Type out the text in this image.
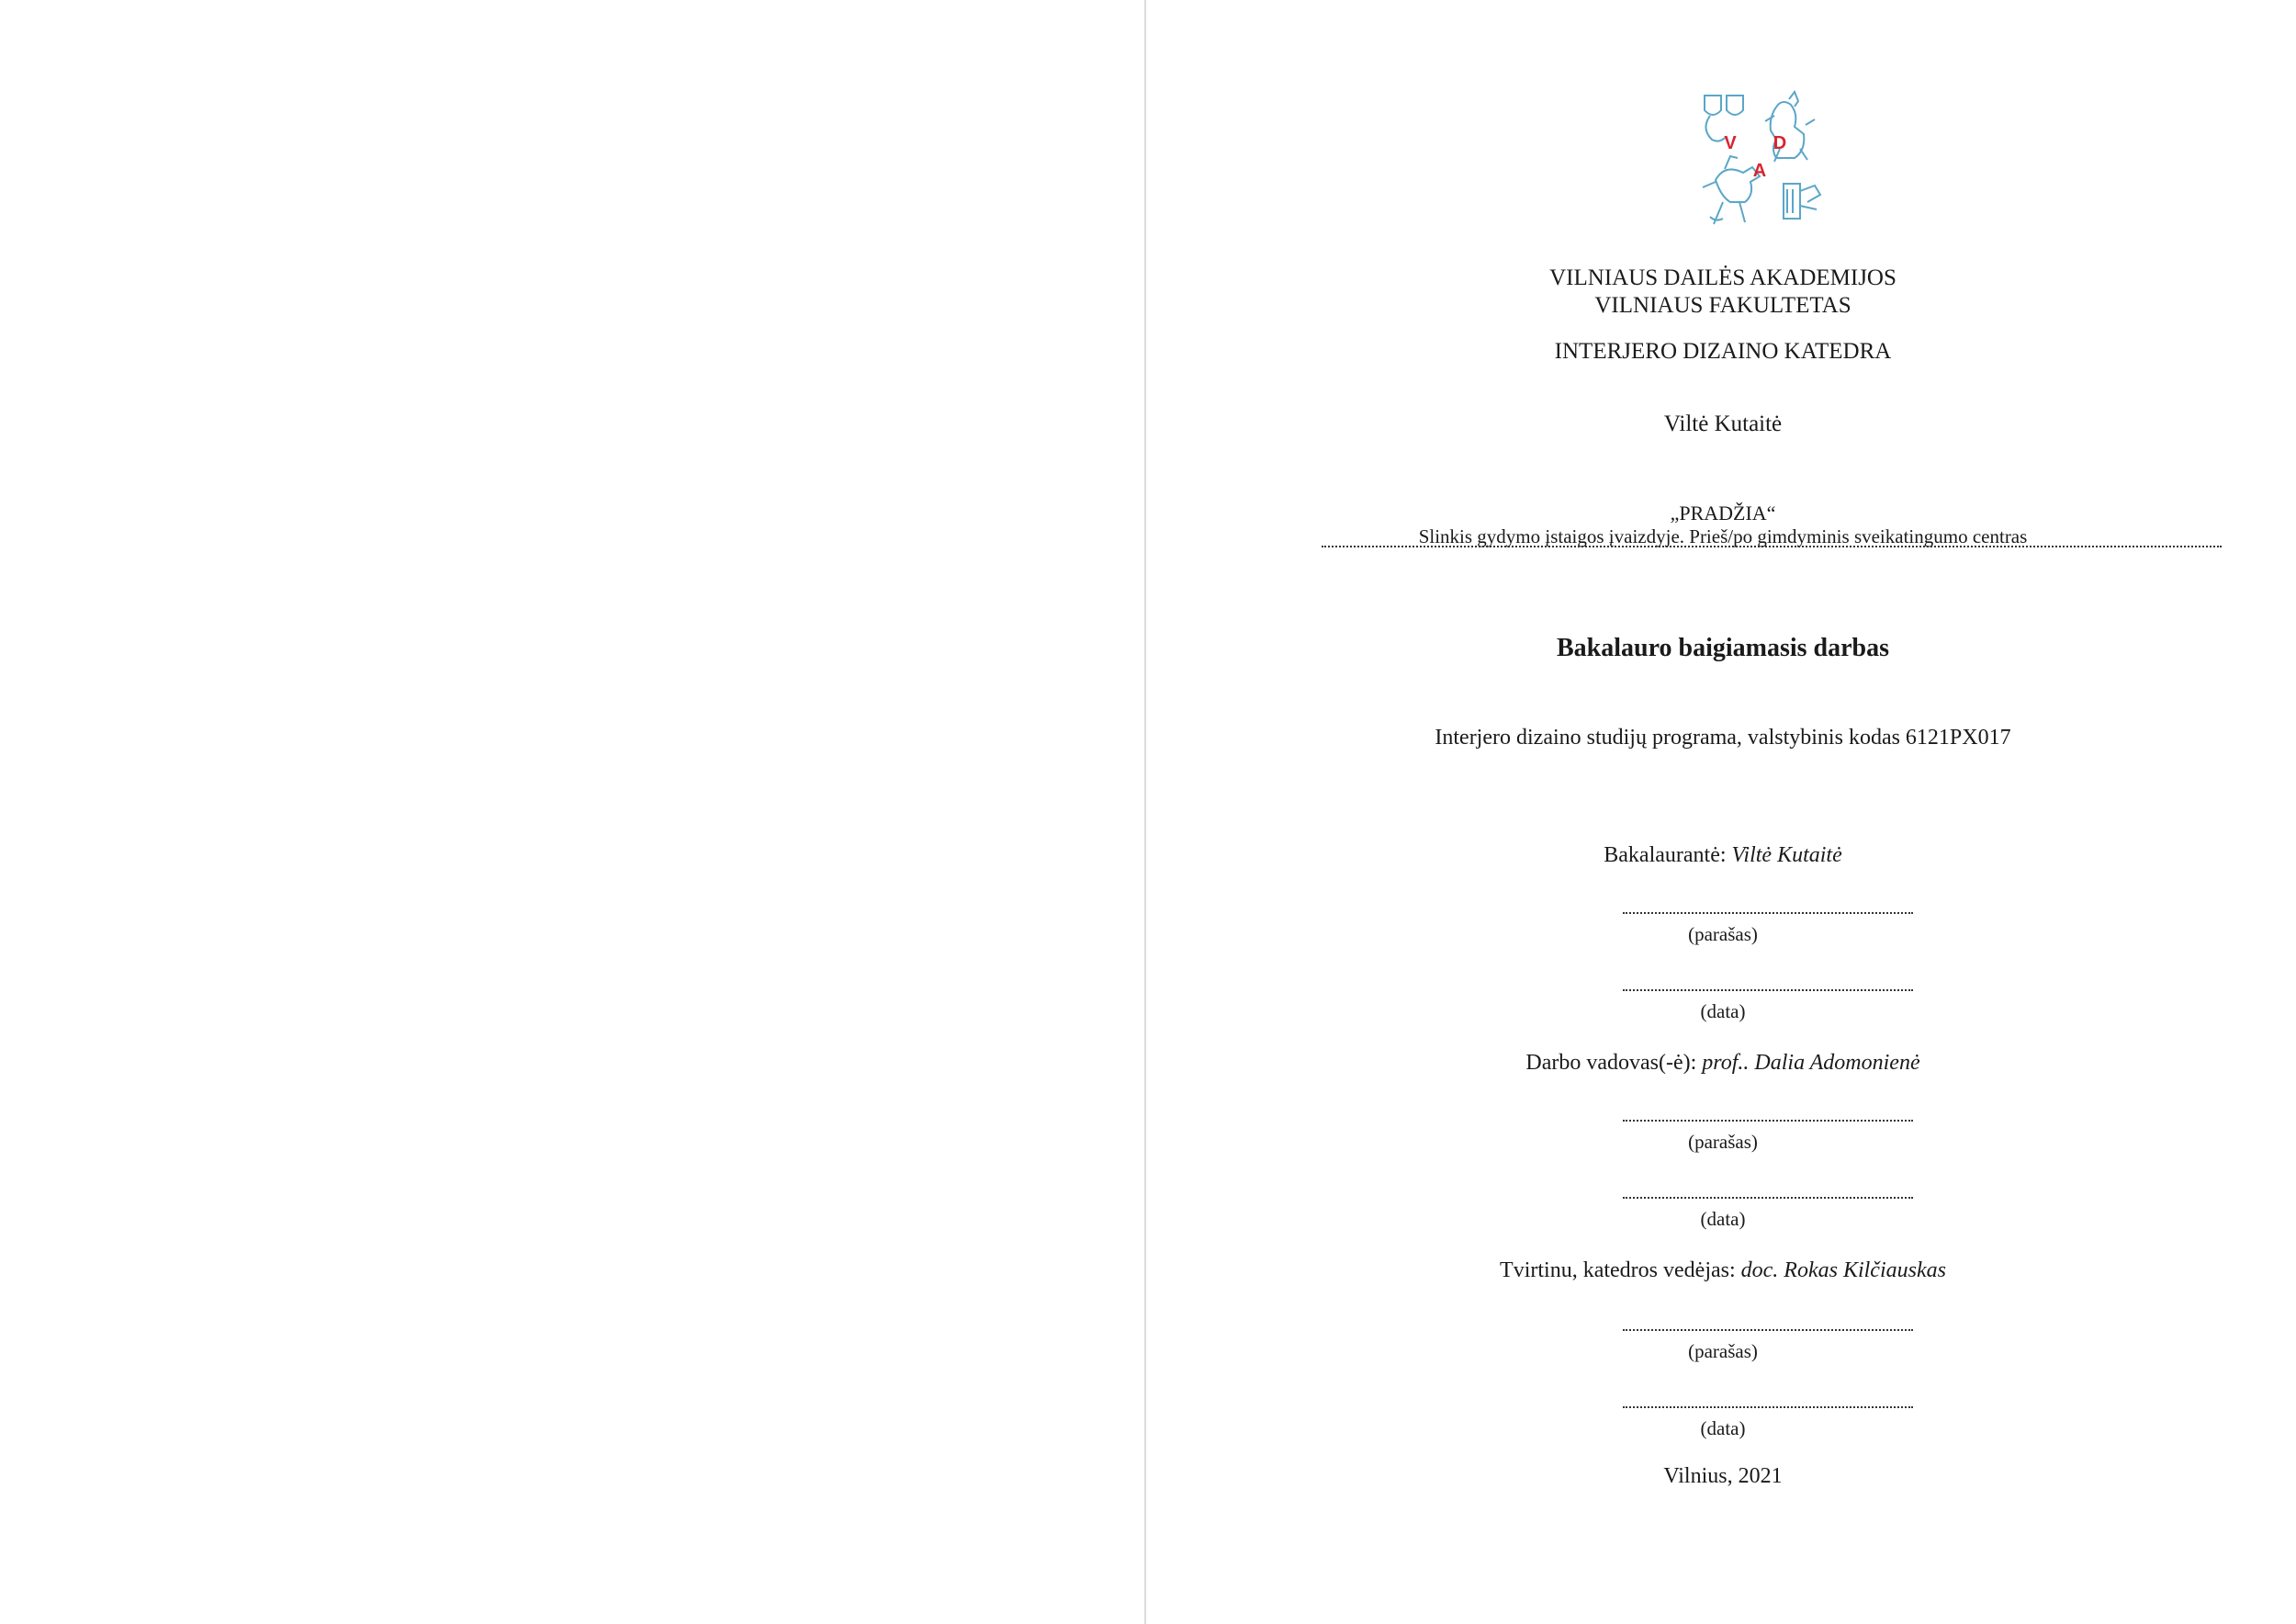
V D
A
VILNIAUS DAILĖS AKADEMIJOS
VILNIAUS FAKULTETAS
INTERJERO DIZAINO KATEDRA
Viltė Kutaitė
„PRADŽIA“
Slinkis gydymo įstaigos įvaizdyje. Prieš/po gimdyminis sveikatingumo centras
Bakalauro baigiamasis darbas
Interjero dizaino studijų programa, valstybinis kodas 6121PX017
Bakalaurantė: Viltė Kutaitė
(parašas)
(data)
Darbo vadovas(-ė): prof.. Dalia Adomonienė
(parašas)
(data)
Tvirtinu, katedros vedėjas: doc. Rokas Kilčiauskas
(parašas)
(data)
Vilnius, 2021
